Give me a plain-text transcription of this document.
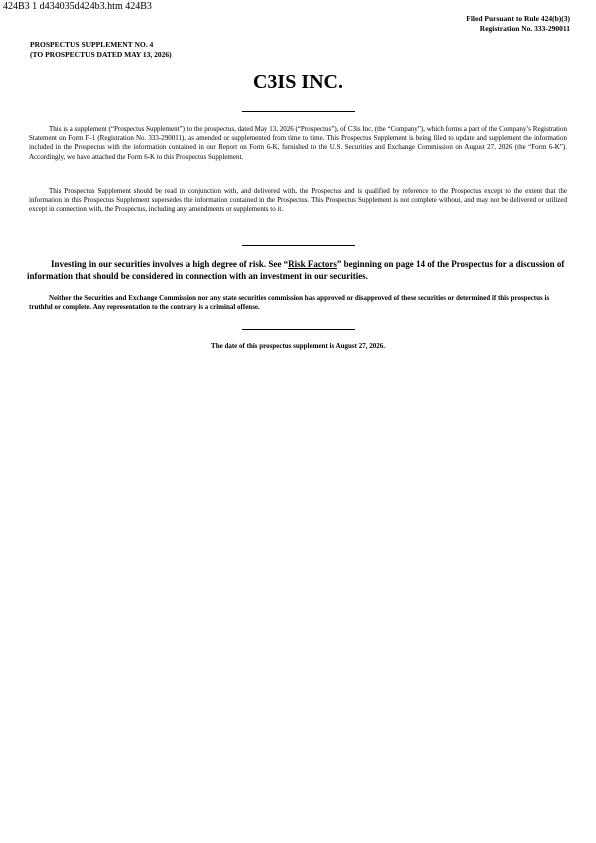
424B3 1 d434035d424b3.htm 424B3
Filed Pursuant to Rule 424(b)(3)
Registration No. 333-290011
PROSPECTUS SUPPLEMENT NO. 4
(TO PROSPECTUS DATED MAY 13, 2026)
C3IS INC.

This is a supplement (“Prospectus Supplement”) to the prospectus, dated May 13, 2026 (“Prospectus”), of C3is Inc. (the “Company”), which forms a part of the Company’s Registration Statement on Form F-1 (Registration No. 333-290011), as amended or supplemented from time to time. This Prospectus Supplement is being filed to update and supplement the information included in the Prospectus with the information contained in our Report on Form 6-K, furnished to the U.S. Securities and Exchange Commission on August 27, 2026 (the “Form 6-K”). Accordingly, we have attached the Form 6-K to this Prospectus Supplement.

This Prospectus Supplement should be read in conjunction with, and delivered with, the Prospectus and is qualified by reference to the Prospectus except to the extent that the information in this Prospectus Supplement supersedes the information contained in the Prospectus. This Prospectus Supplement is not complete without, and may not be delivered or utilized except in connection with, the Prospectus, including any amendments or supplements to it.

Investing in our securities involves a high degree of risk. See “Risk Factors” beginning on page 14 of the Prospectus for a discussion of information that should be considered in connection with an investment in our securities.

Neither the Securities and Exchange Commission nor any state securities commission has approved or disapproved of these securities or determined if this prospectus is truthful or complete. Any representation to the contrary is a criminal offense.

The date of this prospectus supplement is August 27, 2026.
